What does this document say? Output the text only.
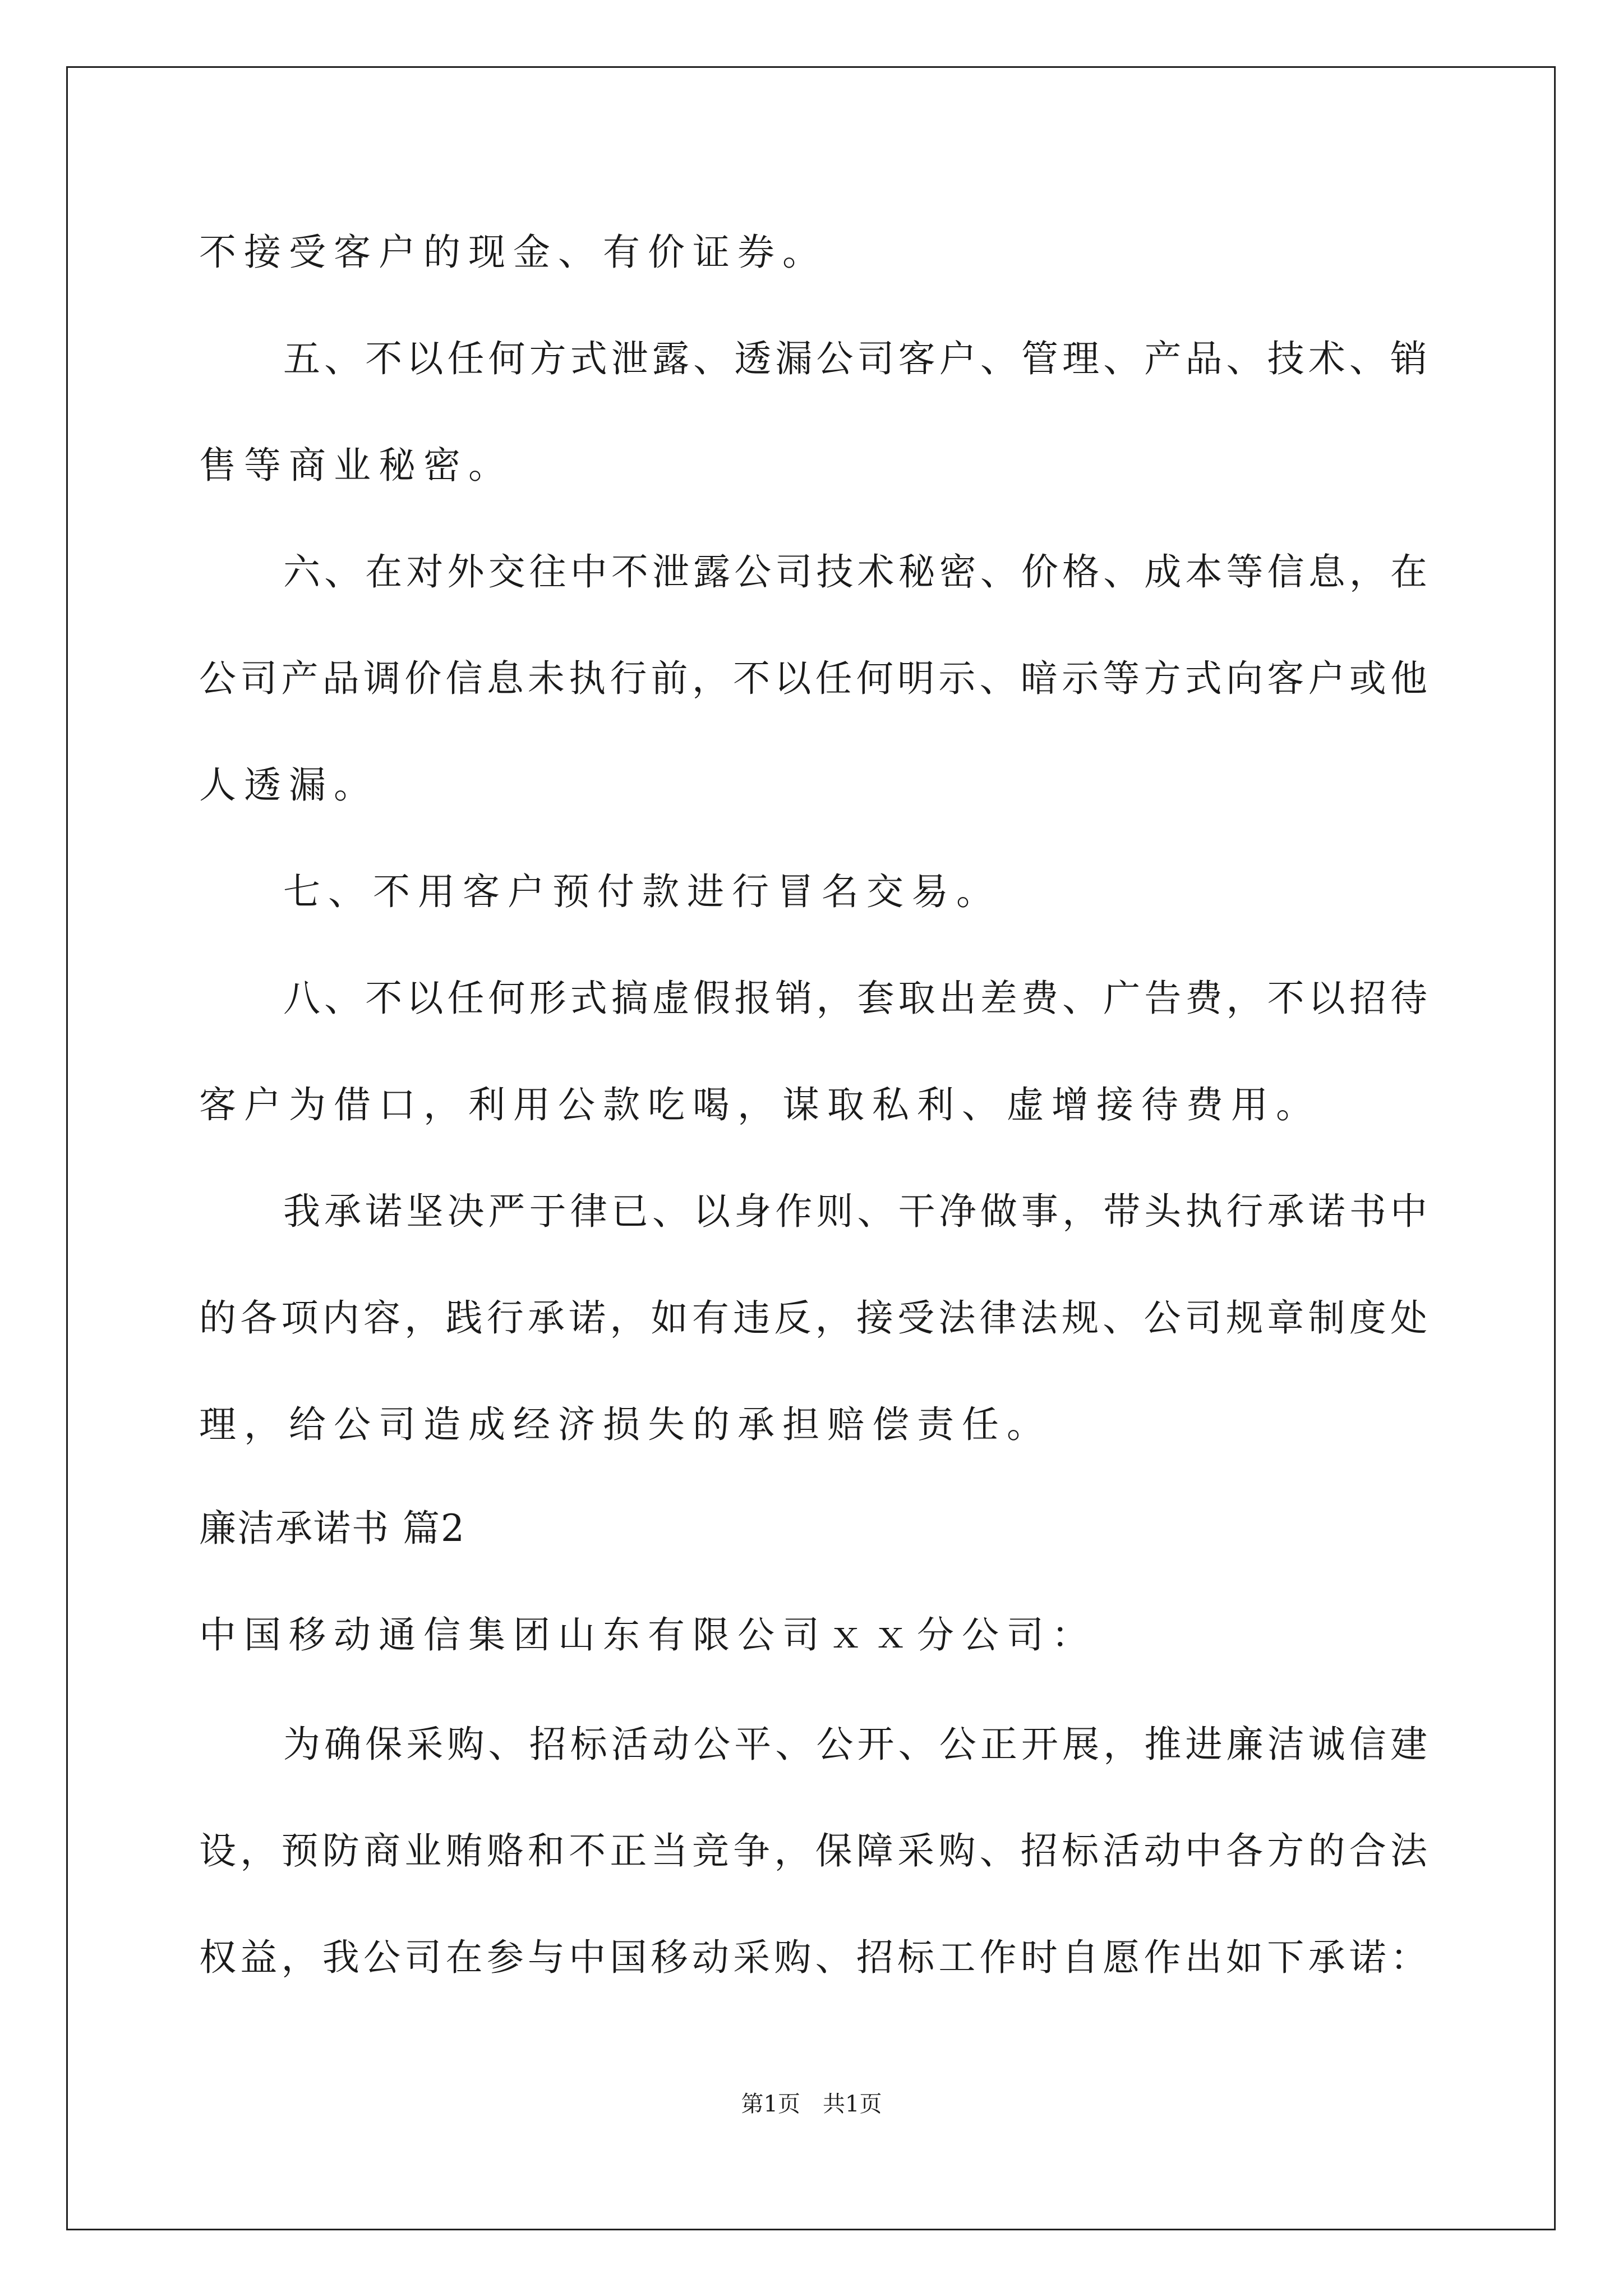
不接受客户的现金、有价证券。
五、不以任何方式泄露、透漏公司客户、管理、产品、技术、销
售等商业秘密。
六、在对外交往中不泄露公司技术秘密、价格、成本等信息，在
公司产品调价信息未执行前，不以任何明示、暗示等方式向客户或他
人透漏。
七、不用客户预付款进行冒名交易。
八、不以任何形式搞虚假报销，套取出差费、广告费，不以招待
客户为借口，利用公款吃喝，谋取私利、虚增接待费用。
我承诺坚决严于律已、以身作则、干净做事，带头执行承诺书中
的各项内容，践行承诺，如有违反，接受法律法规、公司规章制度处
理，给公司造成经济损失的承担赔偿责任。
廉洁承诺书 篇2
中国移动通信集团山东有限公司ｘｘ分公司：
为确保采购、招标活动公平、公开、公正开展，推进廉洁诚信建
设，预防商业贿赂和不正当竞争，保障采购、招标活动中各方的合法
权益，我公司在参与中国移动采购、招标工作时自愿作出如下承诺：
第1页　共1页
